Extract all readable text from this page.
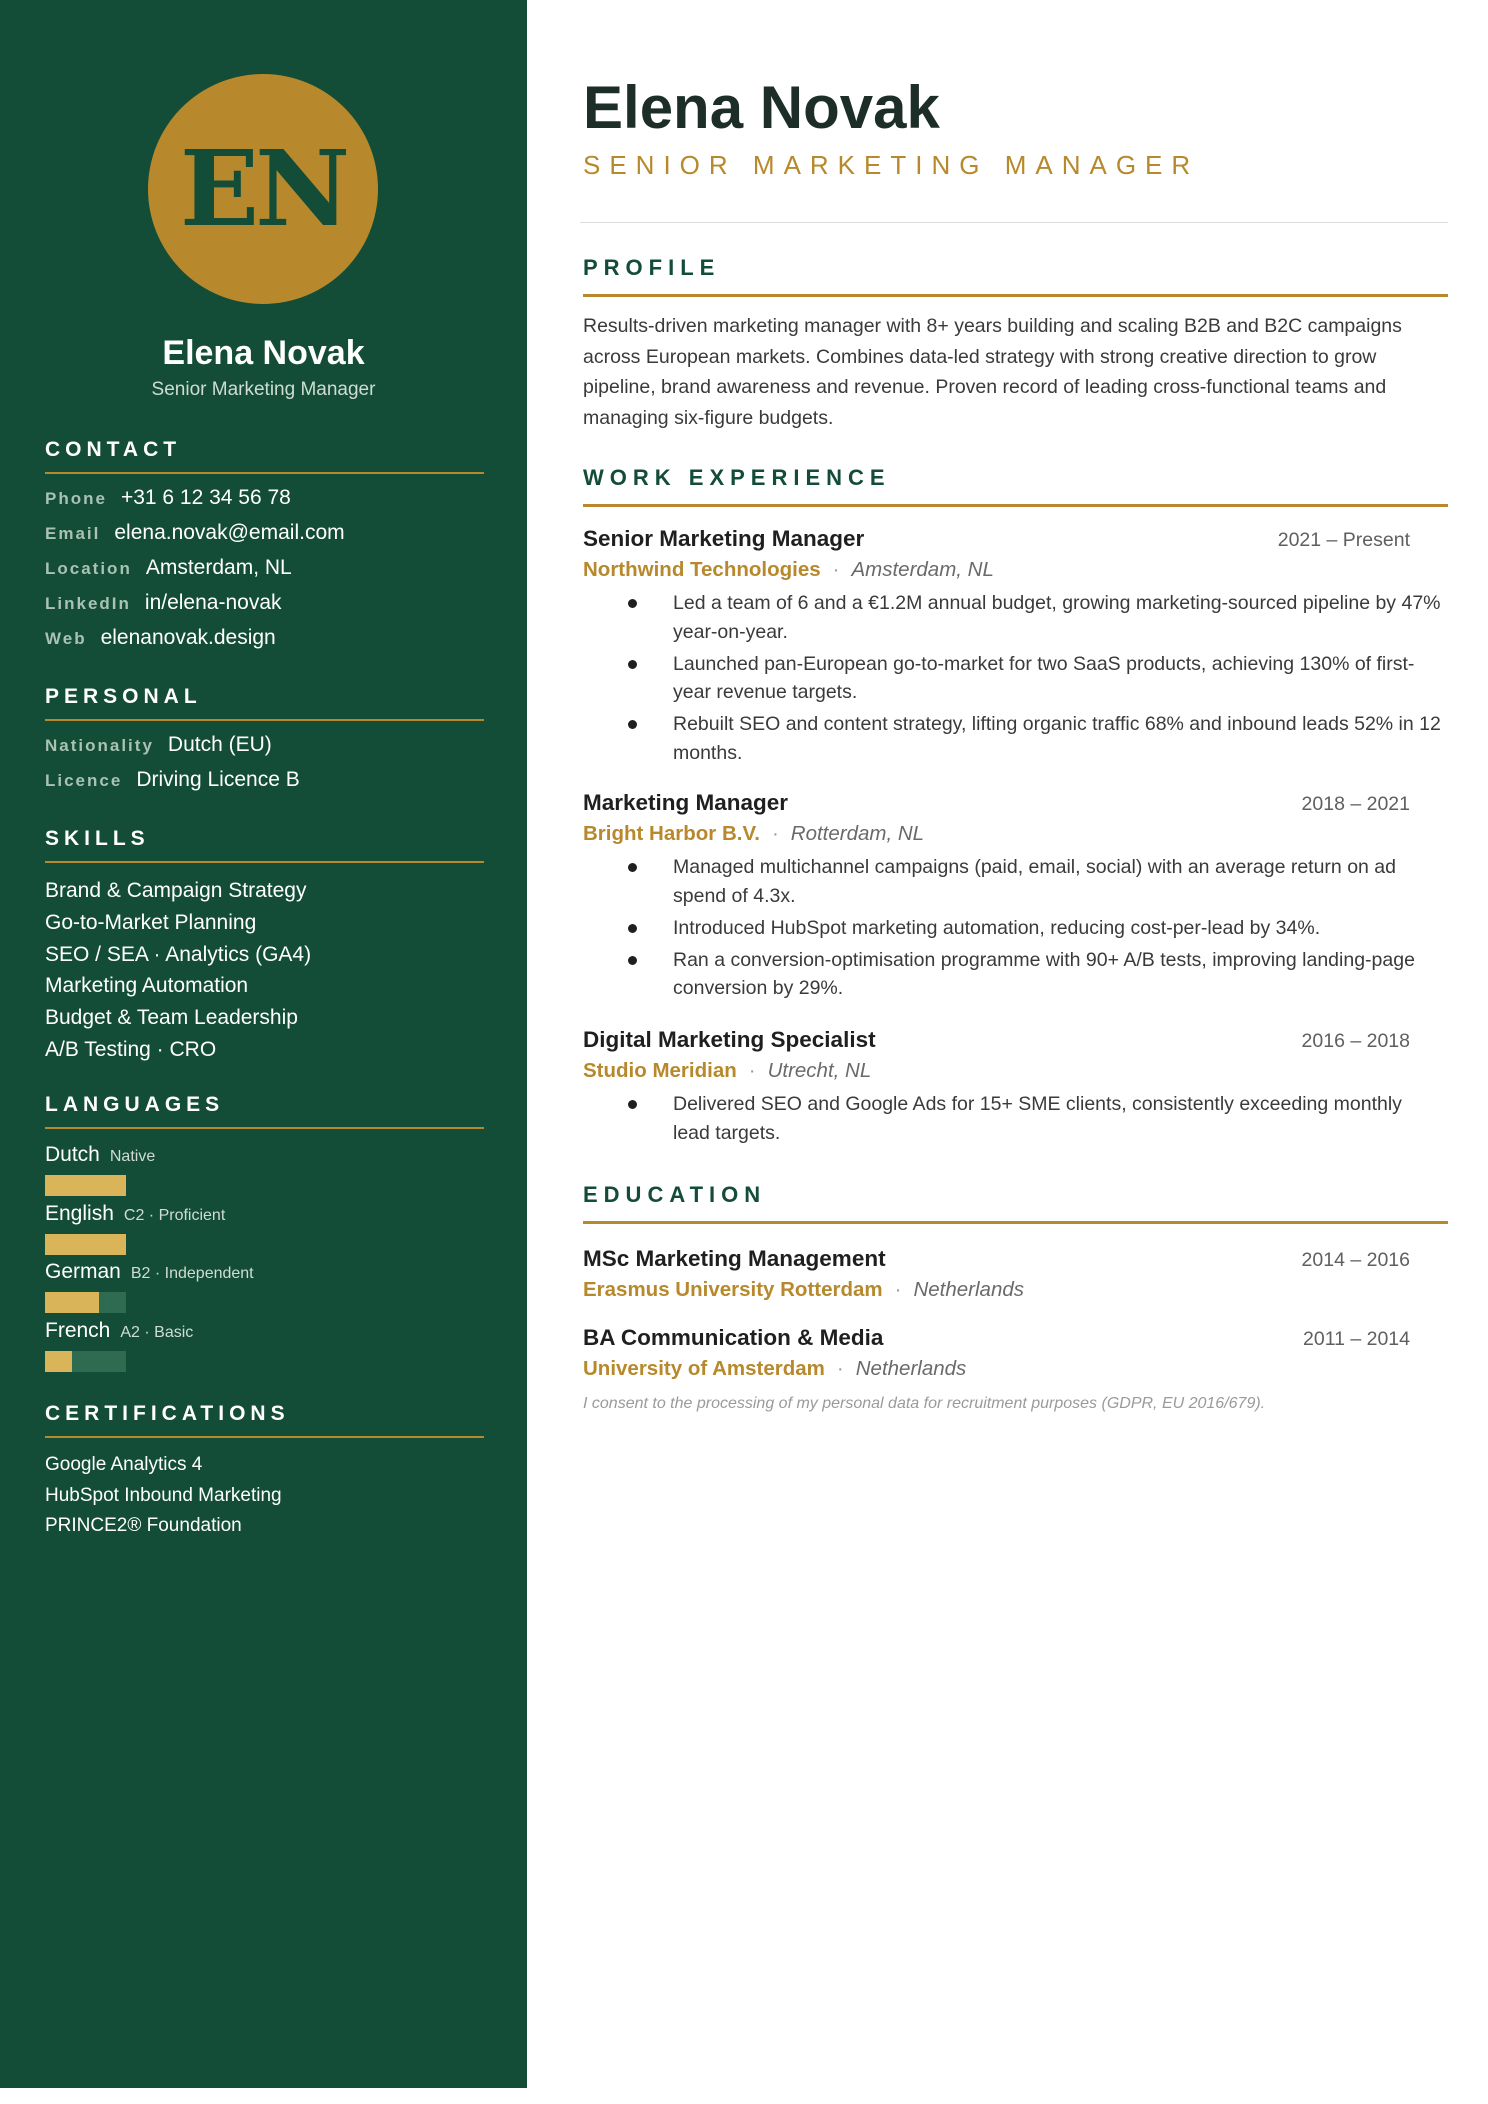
EN
Elena Novak
Senior Marketing Manager
CONTACT
Phone +31 6 12 34 56 78
Email elena.novak@email.com
Location Amsterdam, NL
LinkedIn in/elena-novak
Web elenanovak.design
PERSONAL
Nationality Dutch (EU)
Licence Driving Licence B
SKILLS
Brand & Campaign Strategy
Go-to-Market Planning
SEO / SEA · Analytics (GA4)
Marketing Automation
Budget & Team Leadership
A/B Testing · CRO
LANGUAGES
Dutch Native
English C2 · Proficient
German B2 · Independent
French A2 · Basic
CERTIFICATIONS
Google Analytics 4
HubSpot Inbound Marketing
PRINCE2® Foundation
Elena Novak
SENIOR MARKETING MANAGER
PROFILE

Results-driven marketing manager with 8+ years building and scaling B2B and B2C campaigns across European markets. Combines data-led strategy with strong creative direction to grow pipeline, brand awareness and revenue. Proven record of leading cross-functional teams and managing six-figure budgets.

WORK EXPERIENCE
Senior Marketing Manager	2021 – Present
Northwind Technologies · Amsterdam, NL
Led a team of 6 and a €1.2M annual budget, growing marketing-sourced pipeline by 47% year-on-year.
Launched pan-European go-to-market for two SaaS products, achieving 130% of first-year revenue targets.
Rebuilt SEO and content strategy, lifting organic traffic 68% and inbound leads 52% in 12 months.
Marketing Manager	2018 – 2021
Bright Harbor B.V. · Rotterdam, NL
Managed multichannel campaigns (paid, email, social) with an average return on ad spend of 4.3x.
Introduced HubSpot marketing automation, reducing cost-per-lead by 34%.
Ran a conversion-optimisation programme with 90+ A/B tests, improving landing-page conversion by 29%.
Digital Marketing Specialist	2016 – 2018
Studio Meridian · Utrecht, NL
Delivered SEO and Google Ads for 15+ SME clients, consistently exceeding monthly lead targets.
EDUCATION
MSc Marketing Management	2014 – 2016
Erasmus University Rotterdam · Netherlands
BA Communication & Media	2011 – 2014
University of Amsterdam · Netherlands
I consent to the processing of my personal data for recruitment purposes (GDPR, EU 2016/679).
